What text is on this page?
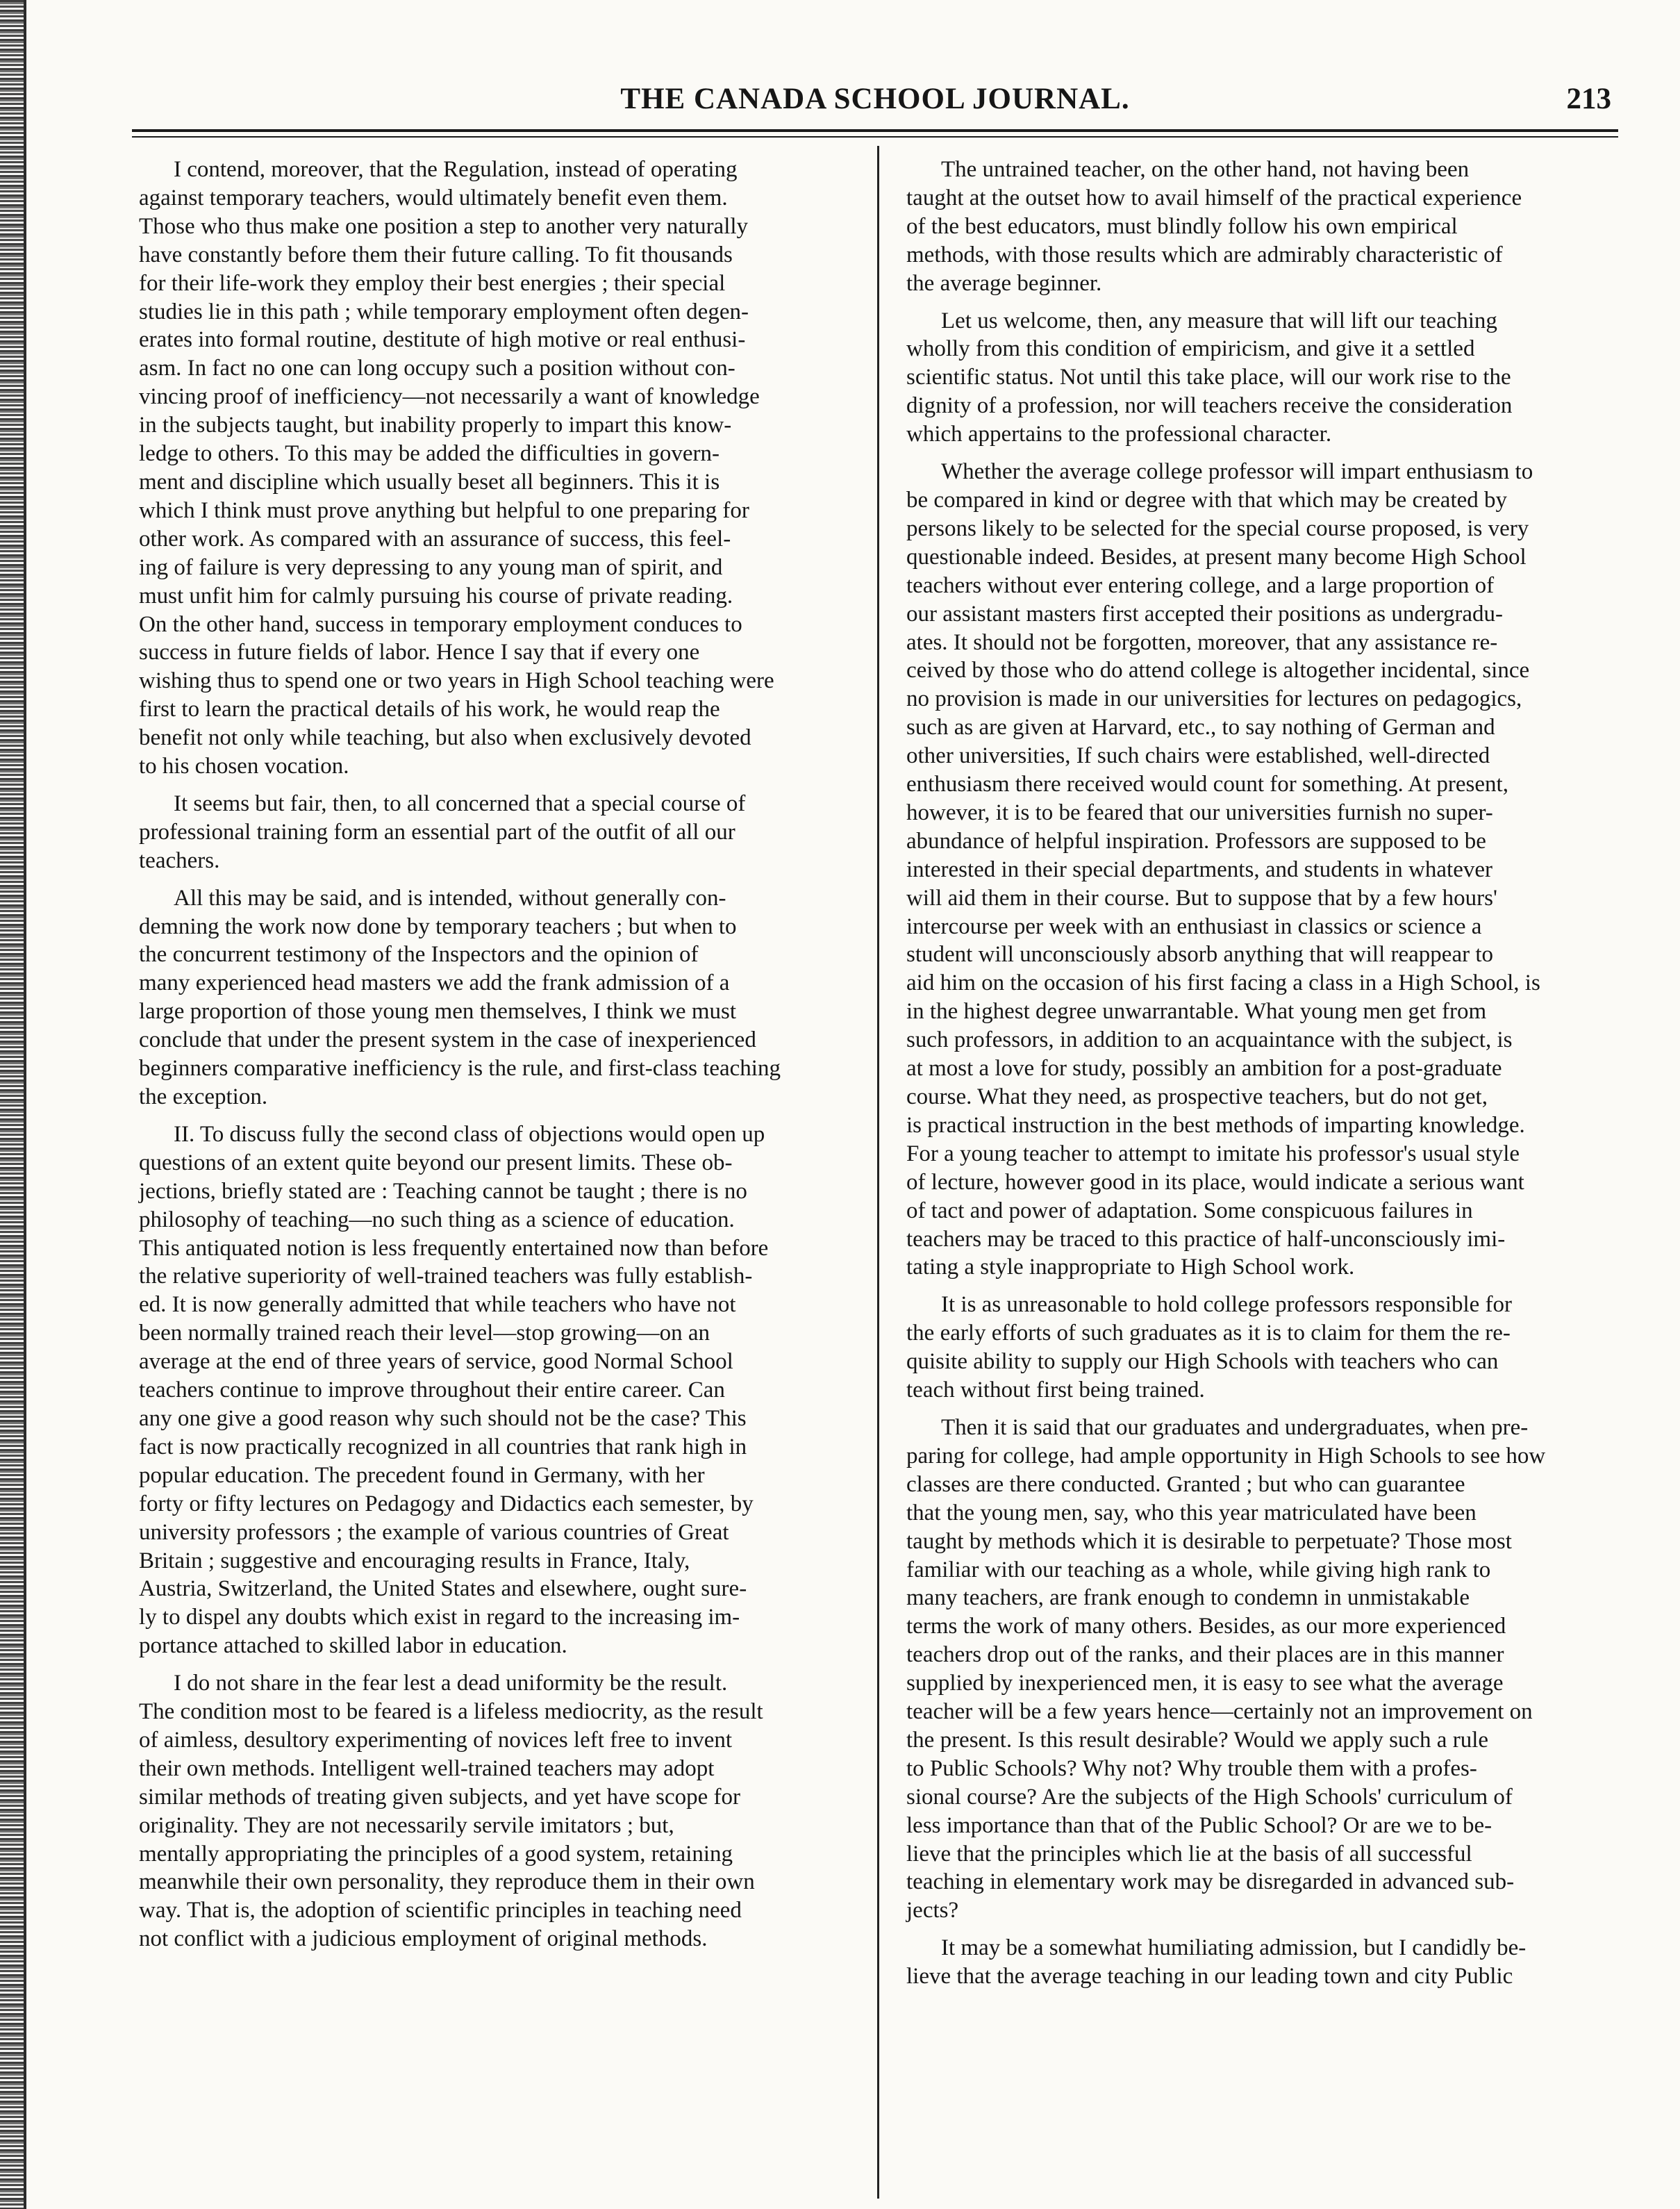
THE CANADA SCHOOL JOURNAL.	213

I contend, moreover, that the Regulation, instead of operating
against temporary teachers, would ultimately benefit even them.
Those who thus make one position a step to another very naturally
have constantly before them their future calling. To fit thousands
for their life-work they employ their best energies ; their special
studies lie in this path ; while temporary employment often degen-
erates into formal routine, destitute of high motive or real enthusi-
asm. In fact no one can long occupy such a position without con-
vincing proof of inefficiency—not necessarily a want of knowledge
in the subjects taught, but inability properly to impart this know-
ledge to others. To this may be added the difficulties in govern-
ment and discipline which usually beset all beginners. This it is
which I think must prove anything but helpful to one preparing for
other work. As compared with an assurance of success, this feel-
ing of failure is very depressing to any young man of spirit, and
must unfit him for calmly pursuing his course of private reading.
On the other hand, success in temporary employment conduces to
success in future fields of labor. Hence I say that if every one
wishing thus to spend one or two years in High School teaching were
first to learn the practical details of his work, he would reap the
benefit not only while teaching, but also when exclusively devoted
to his chosen vocation.

It seems but fair, then, to all concerned that a special course of
professional training form an essential part of the outfit of all our
teachers.

All this may be said, and is intended, without generally con-
demning the work now done by temporary teachers ; but when to
the concurrent testimony of the Inspectors and the opinion of
many experienced head masters we add the frank admission of a
large proportion of those young men themselves, I think we must
conclude that under the present system in the case of inexperienced
beginners comparative inefficiency is the rule, and first-class teaching
the exception.

II. To discuss fully the second class of objections would open up
questions of an extent quite beyond our present limits. These ob-
jections, briefly stated are : Teaching cannot be taught ; there is no
philosophy of teaching—no such thing as a science of education.
This antiquated notion is less frequently entertained now than before
the relative superiority of well-trained teachers was fully establish-
ed. It is now generally admitted that while teachers who have not
been normally trained reach their level—stop growing—on an
average at the end of three years of service, good Normal School
teachers continue to improve throughout their entire career. Can
any one give a good reason why such should not be the case? This
fact is now practically recognized in all countries that rank high in
popular education. The precedent found in Germany, with her
forty or fifty lectures on Pedagogy and Didactics each semester, by
university professors ; the example of various countries of Great
Britain ; suggestive and encouraging results in France, Italy,
Austria, Switzerland, the United States and elsewhere, ought sure-
ly to dispel any doubts which exist in regard to the increasing im-
portance attached to skilled labor in education.

I do not share in the fear lest a dead uniformity be the result.
The condition most to be feared is a lifeless mediocrity, as the result
of aimless, desultory experimenting of novices left free to invent
their own methods. Intelligent well-trained teachers may adopt
similar methods of treating given subjects, and yet have scope for
originality. They are not necessarily servile imitators ; but,
mentally appropriating the principles of a good system, retaining
meanwhile their own personality, they reproduce them in their own
way. That is, the adoption of scientific principles in teaching need
not conflict with a judicious employment of original methods.

The untrained teacher, on the other hand, not having been
taught at the outset how to avail himself of the practical experience
of the best educators, must blindly follow his own empirical
methods, with those results which are admirably characteristic of
the average beginner.

Let us welcome, then, any measure that will lift our teaching
wholly from this condition of empiricism, and give it a settled
scientific status. Not until this take place, will our work rise to the
dignity of a profession, nor will teachers receive the consideration
which appertains to the professional character.

Whether the average college professor will impart enthusiasm to
be compared in kind or degree with that which may be created by
persons likely to be selected for the special course proposed, is very
questionable indeed. Besides, at present many become High School
teachers without ever entering college, and a large proportion of
our assistant masters first accepted their positions as undergradu-
ates. It should not be forgotten, moreover, that any assistance re-
ceived by those who do attend college is altogether incidental, since
no provision is made in our universities for lectures on pedagogics,
such as are given at Harvard, etc., to say nothing of German and
other universities, If such chairs were established, well-directed
enthusiasm there received would count for something. At present,
however, it is to be feared that our universities furnish no super-
abundance of helpful inspiration. Professors are supposed to be
interested in their special departments, and students in whatever
will aid them in their course. But to suppose that by a few hours'
intercourse per week with an enthusiast in classics or science a
student will unconsciously absorb anything that will reappear to
aid him on the occasion of his first facing a class in a High School, is
in the highest degree unwarrantable. What young men get from
such professors, in addition to an acquaintance with the subject, is
at most a love for study, possibly an ambition for a post-graduate
course. What they need, as prospective teachers, but do not get,
is practical instruction in the best methods of imparting knowledge.
For a young teacher to attempt to imitate his professor's usual style
of lecture, however good in its place, would indicate a serious want
of tact and power of adaptation. Some conspicuous failures in
teachers may be traced to this practice of half-unconsciously imi-
tating a style inappropriate to High School work.

It is as unreasonable to hold college professors responsible for
the early efforts of such graduates as it is to claim for them the re-
quisite ability to supply our High Schools with teachers who can
teach without first being trained.

Then it is said that our graduates and undergraduates, when pre-
paring for college, had ample opportunity in High Schools to see how
classes are there conducted. Granted ; but who can guarantee
that the young men, say, who this year matriculated have been
taught by methods which it is desirable to perpetuate? Those most
familiar with our teaching as a whole, while giving high rank to
many teachers, are frank enough to condemn in unmistakable
terms the work of many others. Besides, as our more experienced
teachers drop out of the ranks, and their places are in this manner
supplied by inexperienced men, it is easy to see what the average
teacher will be a few years hence—certainly not an improvement on
the present. Is this result desirable? Would we apply such a rule
to Public Schools? Why not? Why trouble them with a profes-
sional course? Are the subjects of the High Schools' curriculum of
less importance than that of the Public School? Or are we to be-
lieve that the principles which lie at the basis of all successful
teaching in elementary work may be disregarded in advanced sub-
jects?

It may be a somewhat humiliating admission, but I candidly be-
lieve that the average teaching in our leading town and city Public
